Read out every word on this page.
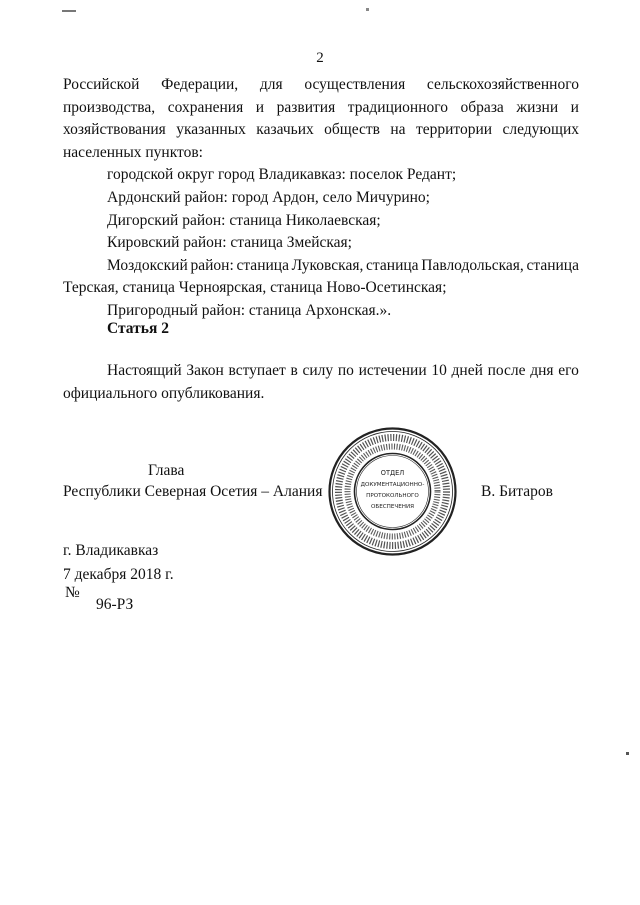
2
Российской Федерации, для осуществления сельскохозяйственного
производства, сохранения и развития традиционного образа жизни и
хозяйствования указанных казачьих обществ на территории следующих
населенных пунктов:
городской округ город Владикавказ: поселок Редант;
Ардонский район: город Ардон, село Мичурино;
Дигорский район: станица Николаевская;
Кировский район: станица Змейская;
Моздокский район: станица Луковская, станица Павлодольская, станица
Терская, станица Черноярская, станица Ново-Осетинская;
Пригородный район: станица Архонская.».
Статья 2
Настоящий Закон вступает в силу по истечении 10 дней после дня его
официального опубликования.
Глава
Республики Северная Осетия – Алания	В. Битаров
ОТДЕЛ
ДОКУМЕНТАЦИОННО-
ПРОТОКОЛЬНОГО
ОБЕСПЕЧЕНИЯ
г. Владикавказ
7 декабря 2018 г.
№
96-РЗ
